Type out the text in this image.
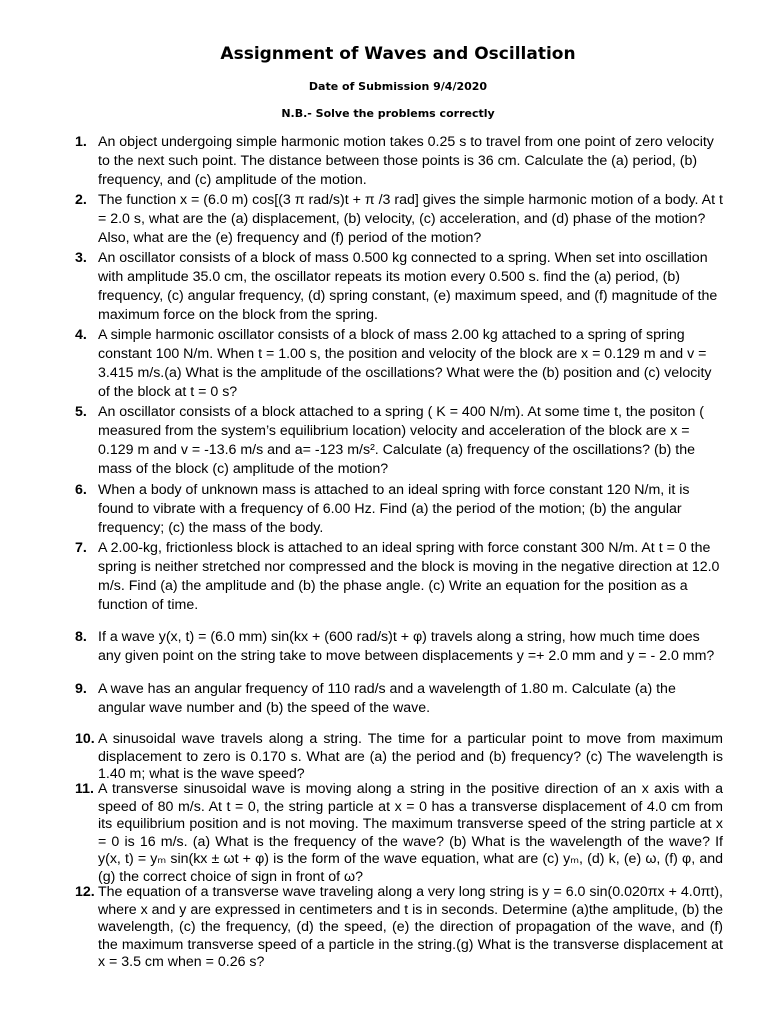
Assignment of Waves and Oscillation
Date of Submission 9/4/2020
N.B.- Solve the problems correctly
1. An object undergoing simple harmonic motion takes 0.25 s to travel from one point of zero velocity to the next such point. The distance between those points is 36 cm. Calculate the (a) period, (b) frequency, and (c) amplitude of the motion.
2. The function x = (6.0 m) cos[(3 π rad/s)t + π /3 rad] gives the simple harmonic motion of a body. At t = 2.0 s, what are the (a) displacement, (b) velocity, (c) acceleration, and (d) phase of the motion? Also, what are the (e) frequency and (f) period of the motion?
3. An oscillator consists of a block of mass 0.500 kg connected to a spring. When set into oscillation with amplitude 35.0 cm, the oscillator repeats its motion every 0.500 s. find the (a) period, (b) frequency, (c) angular frequency, (d) spring constant, (e) maximum speed, and (f) magnitude of the maximum force on the block from the spring.
4. A simple harmonic oscillator consists of a block of mass 2.00 kg attached to a spring of spring constant 100 N/m. When t = 1.00 s, the position and velocity of the block are x = 0.129 m and v = 3.415 m/s.(a) What is the amplitude of the oscillations? What were the (b) position and (c) velocity of the block at t = 0 s?
5. An oscillator consists of a block attached to a spring ( K = 400 N/m). At some time t, the positon ( measured from the system’s equilibrium location) velocity and acceleration of the block are x = 0.129 m and v = -13.6 m/s and a= -123 m/s². Calculate (a) frequency of the oscillations? (b) the mass of the block (c) amplitude of the motion?
6. When a body of unknown mass is attached to an ideal spring with force constant 120 N/m, it is found to vibrate with a frequency of 6.00 Hz. Find (a) the period of the motion; (b) the angular frequency; (c) the mass of the body.
7. A 2.00-kg, frictionless block is attached to an ideal spring with force constant 300 N/m. At t = 0 the spring is neither stretched nor compressed and the block is moving in the negative direction at 12.0 m/s. Find (a) the amplitude and (b) the phase angle. (c) Write an equation for the position as a function of time.
8. If a wave y(x, t) = (6.0 mm) sin(kx + (600 rad/s)t + φ) travels along a string, how much time does any given point on the string take to move between displacements y =+ 2.0 mm and y = - 2.0 mm?
9. A wave has an angular frequency of 110 rad/s and a wavelength of 1.80 m. Calculate (a) the angular wave number and (b) the speed of the wave.
10. A sinusoidal wave travels along a string. The time for a particular point to move from maximum displacement to zero is 0.170 s. What are (a) the period and (b) frequency? (c) The wavelength is 1.40 m; what is the wave speed?
11. A transverse sinusoidal wave is moving along a string in the positive direction of an x axis with a speed of 80 m/s. At t = 0, the string particle at x = 0 has a transverse displacement of 4.0 cm from its equilibrium position and is not moving. The maximum transverse speed of the string particle at x = 0 is 16 m/s. (a) What is the frequency of the wave? (b) What is the wavelength of the wave? If y(x, t) = yₘ sin(kx ± ωt + φ) is the form of the wave equation, what are (c) yₘ, (d) k, (e) ω, (f) φ, and (g) the correct choice of sign in front of ω?
12. The equation of a transverse wave traveling along a very long string is y = 6.0 sin(0.020πx + 4.0πt), where x and y are expressed in centimeters and t is in seconds. Determine (a)the amplitude, (b) the wavelength, (c) the frequency, (d) the speed, (e) the direction of propagation of the wave, and (f) the maximum transverse speed of a particle in the string.(g) What is the transverse displacement at x = 3.5 cm when = 0.26 s?
